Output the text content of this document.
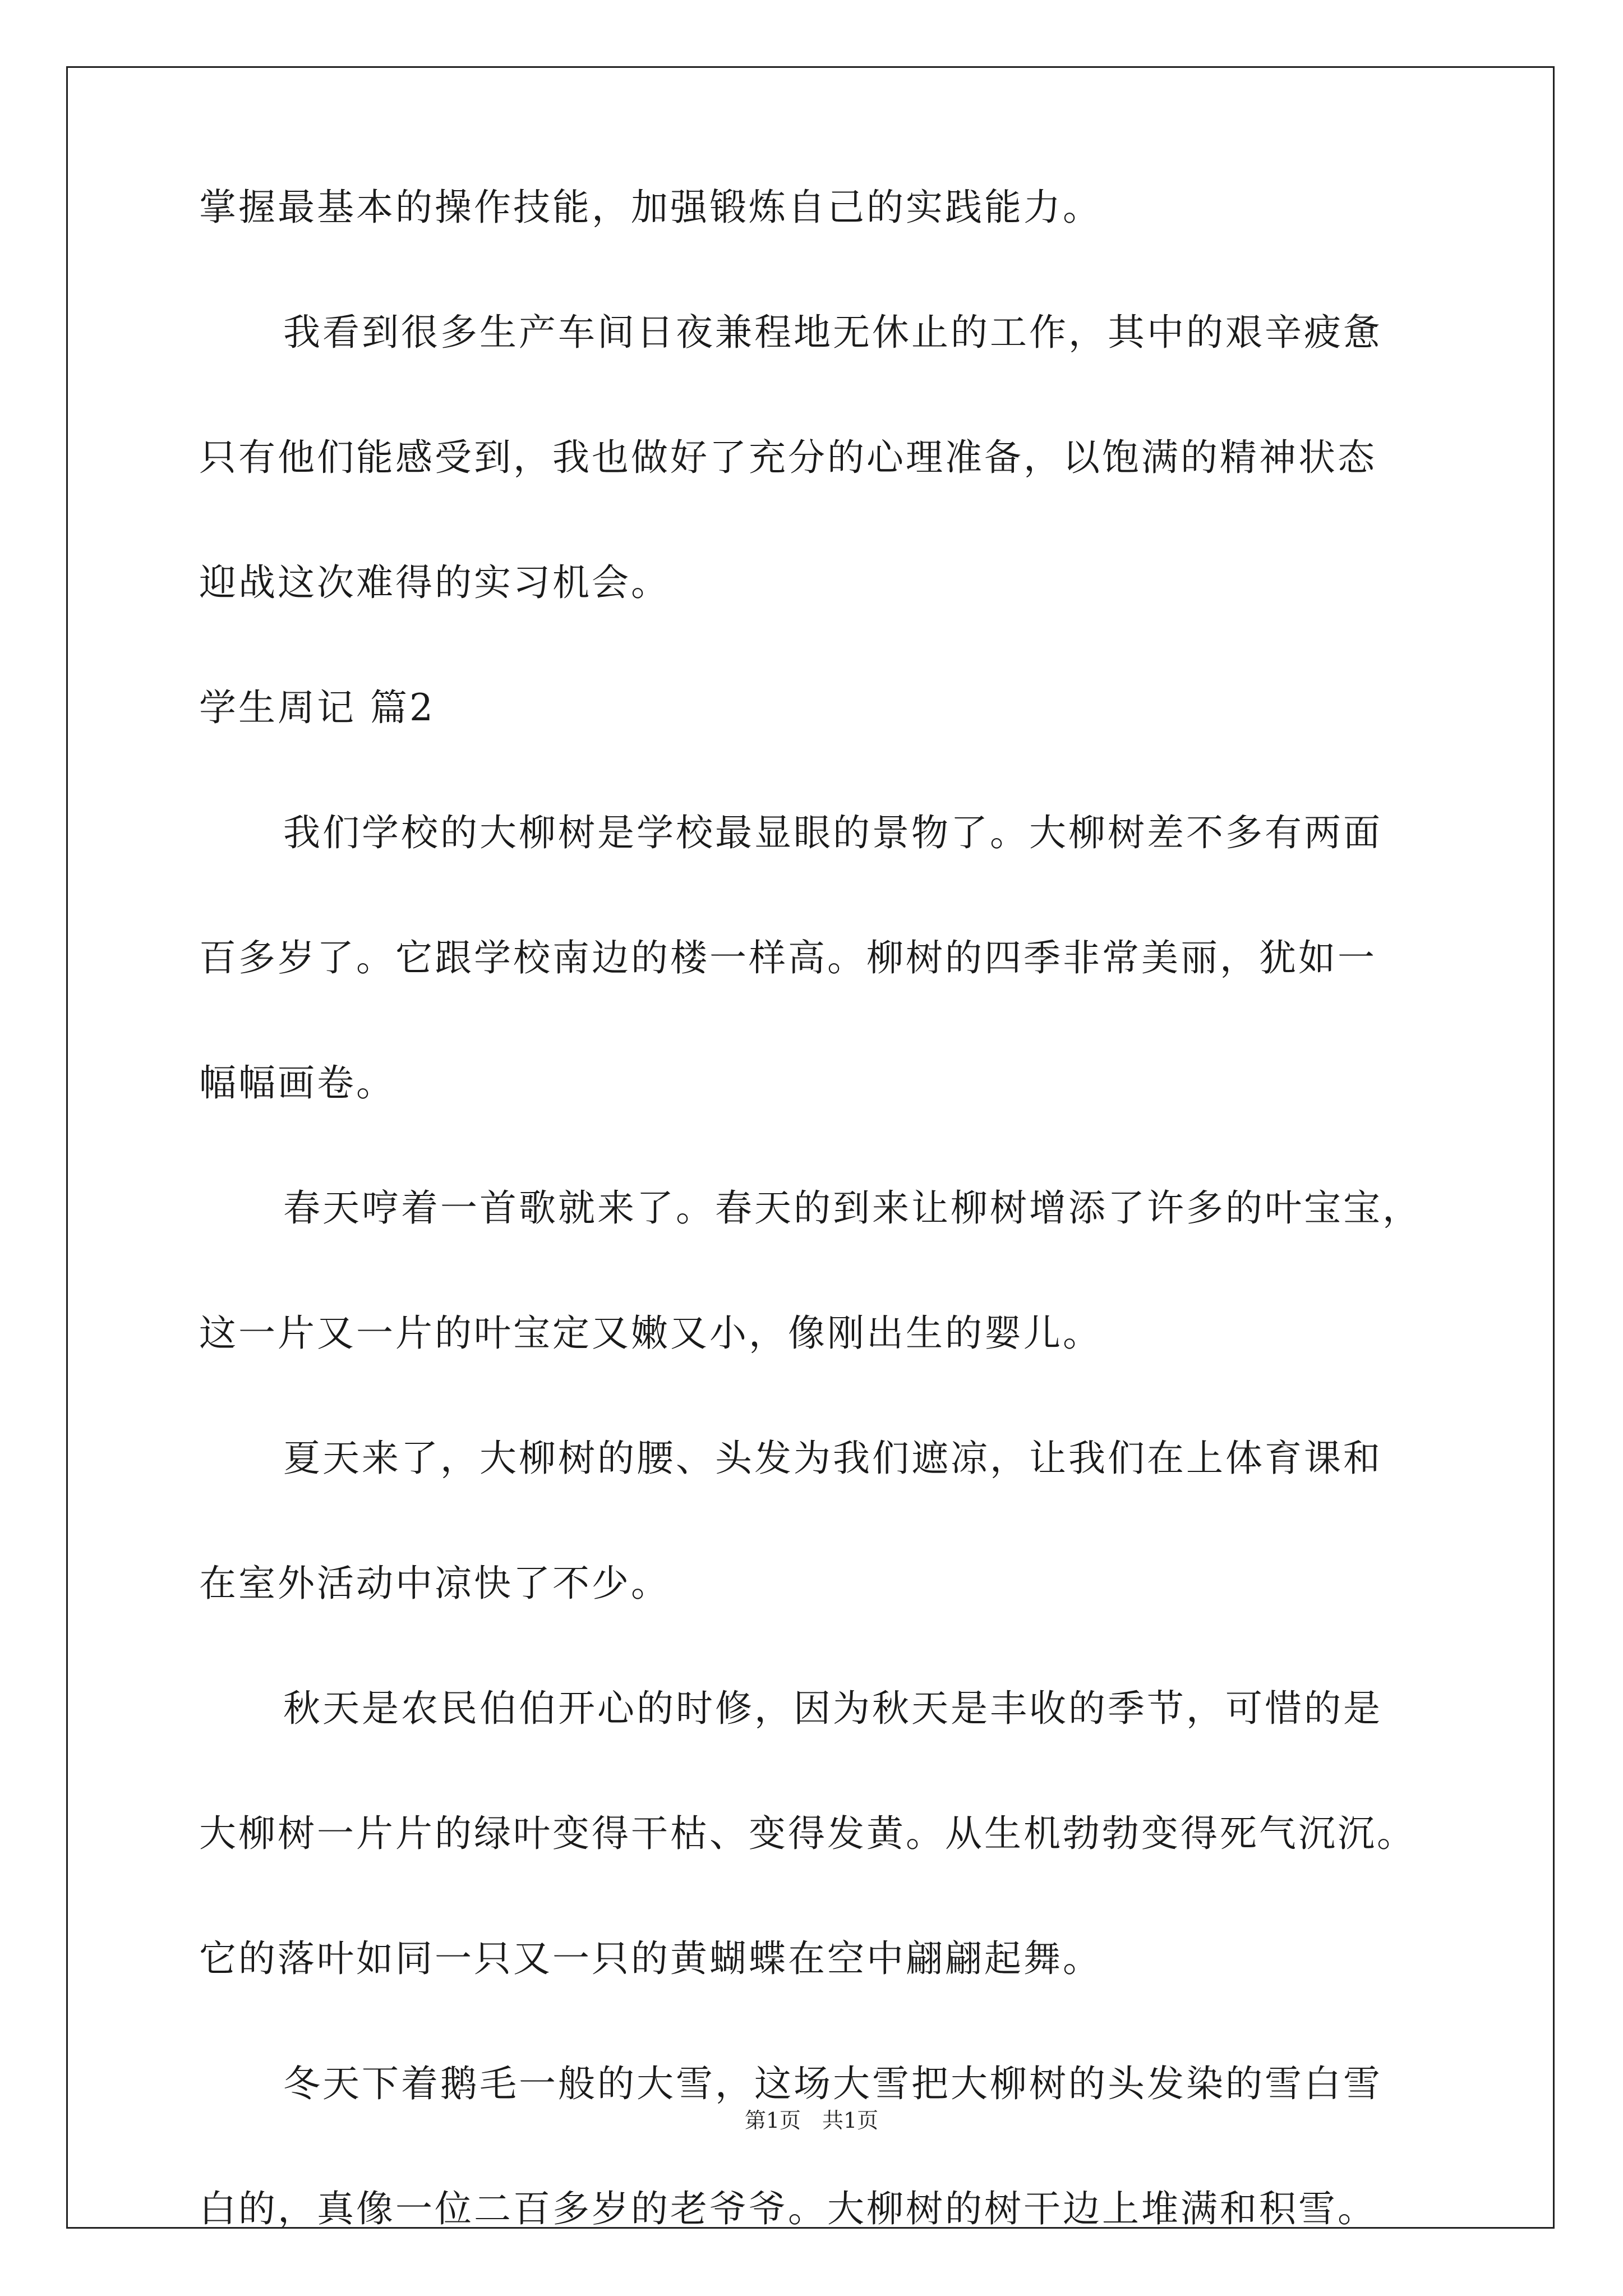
掌握最基本的操作技能，加强锻炼自己的实践能力。
我看到很多生产车间日夜兼程地无休止的工作，其中的艰辛疲惫
只有他们能感受到，我也做好了充分的心理准备，以饱满的精神状态
迎战这次难得的实习机会。
学生周记 篇2
我们学校的大柳树是学校最显眼的景物了。大柳树差不多有两面
百多岁了。它跟学校南边的楼一样高。柳树的四季非常美丽，犹如一
幅幅画卷。
春天哼着一首歌就来了。春天的到来让柳树增添了许多的叶宝宝，
这一片又一片的叶宝定又嫩又小，像刚出生的婴儿。
夏天来了，大柳树的腰、头发为我们遮凉，让我们在上体育课和
在室外活动中凉快了不少。
秋天是农民伯伯开心的时修，因为秋天是丰收的季节，可惜的是
大柳树一片片的绿叶变得干枯、变得发黄。从生机勃勃变得死气沉沉。
它的落叶如同一只又一只的黄蝴蝶在空中翩翩起舞。
冬天下着鹅毛一般的大雪，这场大雪把大柳树的头发染的雪白雪
白的，真像一位二百多岁的老爷爷。大柳树的树干边上堆满和积雪。
第1页　共1页
